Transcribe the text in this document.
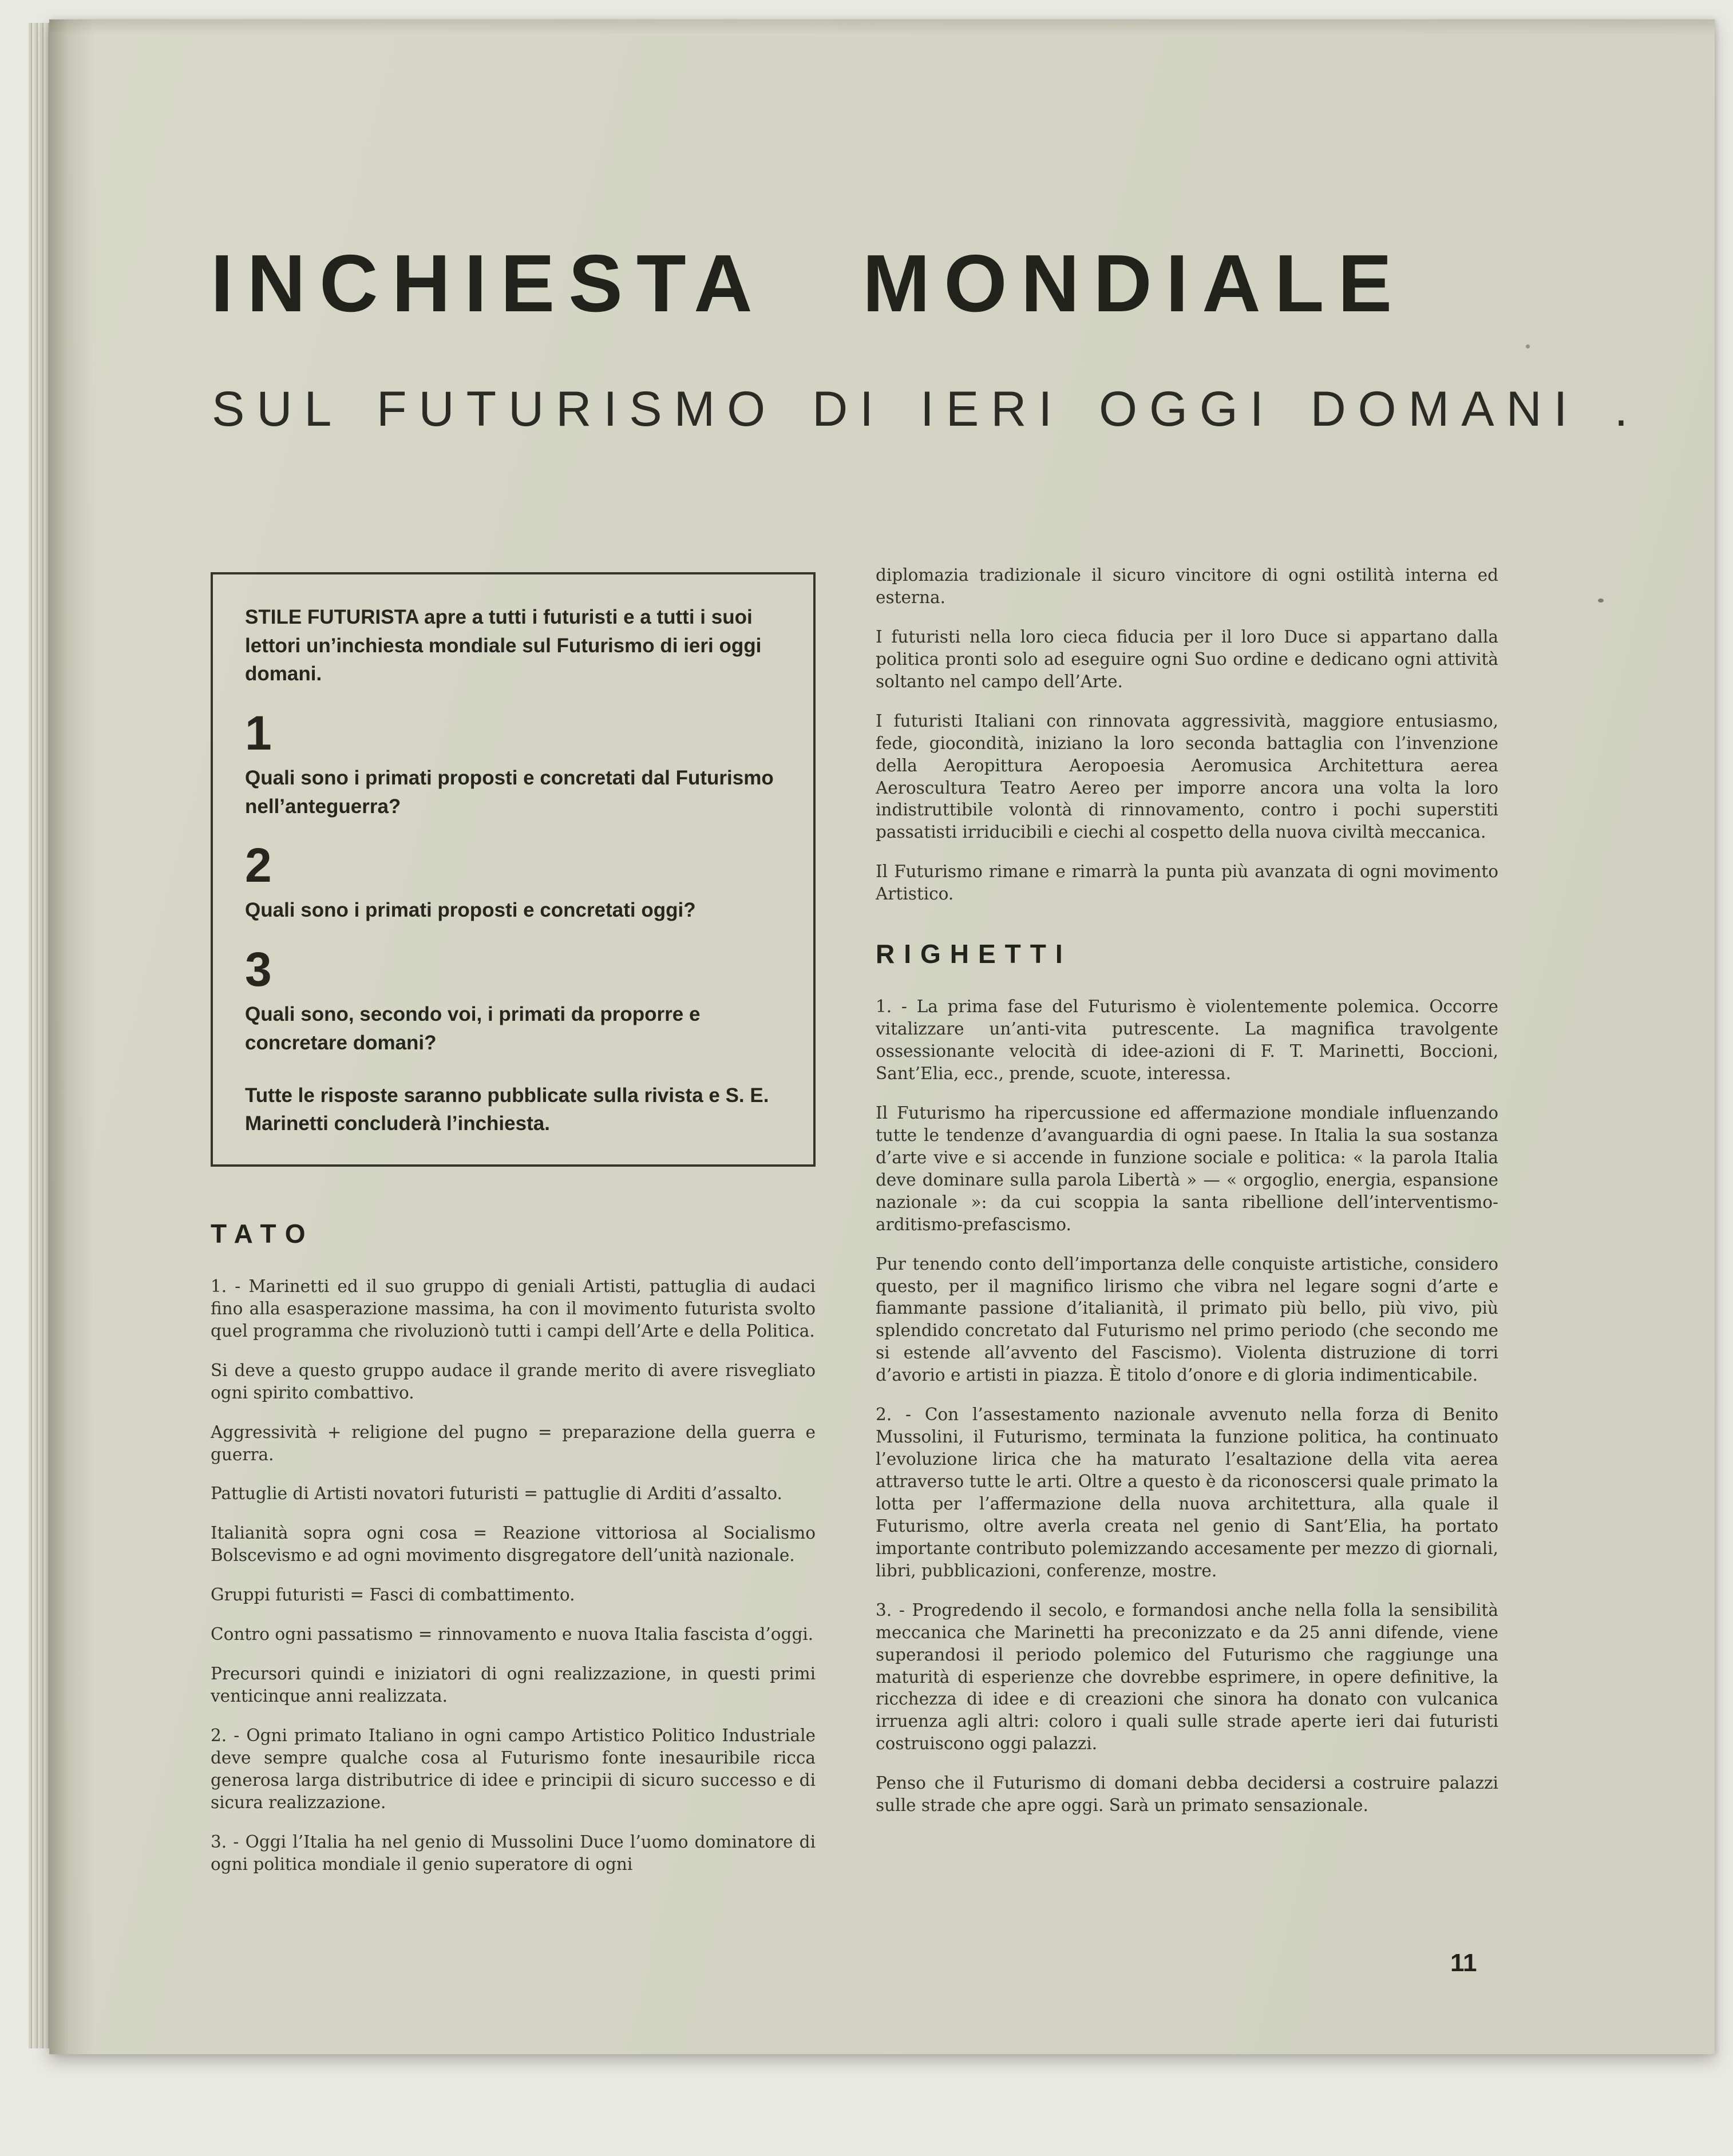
INCHIESTA MONDIALE
SUL FUTURISMO DI IERI OGGI DOMANI .

STILE FUTURISTA apre a tutti i futuristi e a tutti i suoi lettori un’inchiesta mondiale sul Futurismo di ieri oggi domani.

1

Quali sono i primati proposti e concretati dal Futurismo nell’anteguerra?

2

Quali sono i primati proposti e concretati oggi?

3

Quali sono, secondo voi, i primati da proporre e concretare domani?

Tutte le risposte saranno pubblicate sulla rivista e S. E. Marinetti concluderà l’inchiesta.

TATO

1. - Marinetti ed il suo gruppo di geniali Artisti, pattuglia di audaci fino alla esasperazione massima, ha con il movimento futurista svolto quel programma che rivoluzionò tutti i campi dell’Arte e della Politica.

Si deve a questo gruppo audace il grande merito di avere risvegliato ogni spirito combattivo.

Aggressività + religione del pugno = preparazione della guerra e guerra.

Pattuglie di Artisti novatori futuristi = pattuglie di Arditi d’assalto.

Italianità sopra ogni cosa = Reazione vittoriosa al Socialismo Bolscevismo e ad ogni movimento disgregatore dell’unità nazionale.

Gruppi futuristi = Fasci di combattimento.

Contro ogni passatismo = rinnovamento e nuova Italia fascista d’oggi.

Precursori quindi e iniziatori di ogni realizzazione, in questi primi venticinque anni realizzata.

2. - Ogni primato Italiano in ogni campo Artistico Politico Industriale deve sempre qualche cosa al Futurismo fonte inesauribile ricca generosa larga distributrice di idee e principii di sicuro successo e di sicura realizzazione.

3. - Oggi l’Italia ha nel genio di Mussolini Duce l’uomo dominatore di ogni politica mondiale il genio superatore di ogni

diplomazia tradizionale il sicuro vincitore di ogni ostilità interna ed esterna.

I futuristi nella loro cieca fiducia per il loro Duce si appartano dalla politica pronti solo ad eseguire ogni Suo ordine e dedicano ogni attività soltanto nel campo dell’Arte.

I futuristi Italiani con rinnovata aggressività, maggiore entusiasmo, fede, giocondità, iniziano la loro seconda battaglia con l’invenzione della Aeropittura Aeropoesia Aeromusica Architettura aerea Aeroscultura Teatro Aereo per imporre ancora una volta la loro indistruttibile volontà di rinnovamento, contro i pochi superstiti passatisti irriducibili e ciechi al cospetto della nuova civiltà meccanica.

Il Futurismo rimane e rimarrà la punta più avanzata di ogni movimento Artistico.

RIGHETTI

1. - La prima fase del Futurismo è violentemente polemica. Occorre vitalizzare un’anti-vita putrescente. La magnifica travolgente ossessionante velocità di idee-azioni di F. T. Marinetti, Boccioni, Sant’Elia, ecc., prende, scuote, interessa.

Il Futurismo ha ripercussione ed affermazione mondiale influenzando tutte le tendenze d’avanguardia di ogni paese. In Italia la sua sostanza d’arte vive e si accende in funzione sociale e politica: « la parola Italia deve dominare sulla parola Libertà » — « orgoglio, energia, espansione nazionale »: da cui scoppia la santa ribellione dell’interventismo-arditismo-prefascismo.

Pur tenendo conto dell’importanza delle conquiste artistiche, considero questo, per il magnifico lirismo che vibra nel legare sogni d’arte e fiammante passione d’italianità, il primato più bello, più vivo, più splendido concretato dal Futurismo nel primo periodo (che secondo me si estende all’avvento del Fascismo). Violenta distruzione di torri d’avorio e artisti in piazza. È titolo d’onore e di gloria indimenticabile.

2. - Con l’assestamento nazionale avvenuto nella forza di Benito Mussolini, il Futurismo, terminata la funzione politica, ha continuato l’evoluzione lirica che ha maturato l’esaltazione della vita aerea attraverso tutte le arti. Oltre a questo è da riconoscersi quale primato la lotta per l’affermazione della nuova architettura, alla quale il Futurismo, oltre averla creata nel genio di Sant’Elia, ha portato importante contributo polemizzando accesamente per mezzo di giornali, libri, pubblicazioni, conferenze, mostre.

3. - Progredendo il secolo, e formandosi anche nella folla la sensibilità meccanica che Marinetti ha preconizzato e da 25 anni difende, viene superandosi il periodo polemico del Futurismo che raggiunge una maturità di esperienze che dovrebbe esprimere, in opere definitive, la ricchezza di idee e di creazioni che sinora ha donato con vulcanica irruenza agli altri: coloro i quali sulle strade aperte ieri dai futuristi costruiscono oggi palazzi.

Penso che il Futurismo di domani debba decidersi a costruire palazzi sulle strade che apre oggi. Sarà un primato sensazionale.

11
